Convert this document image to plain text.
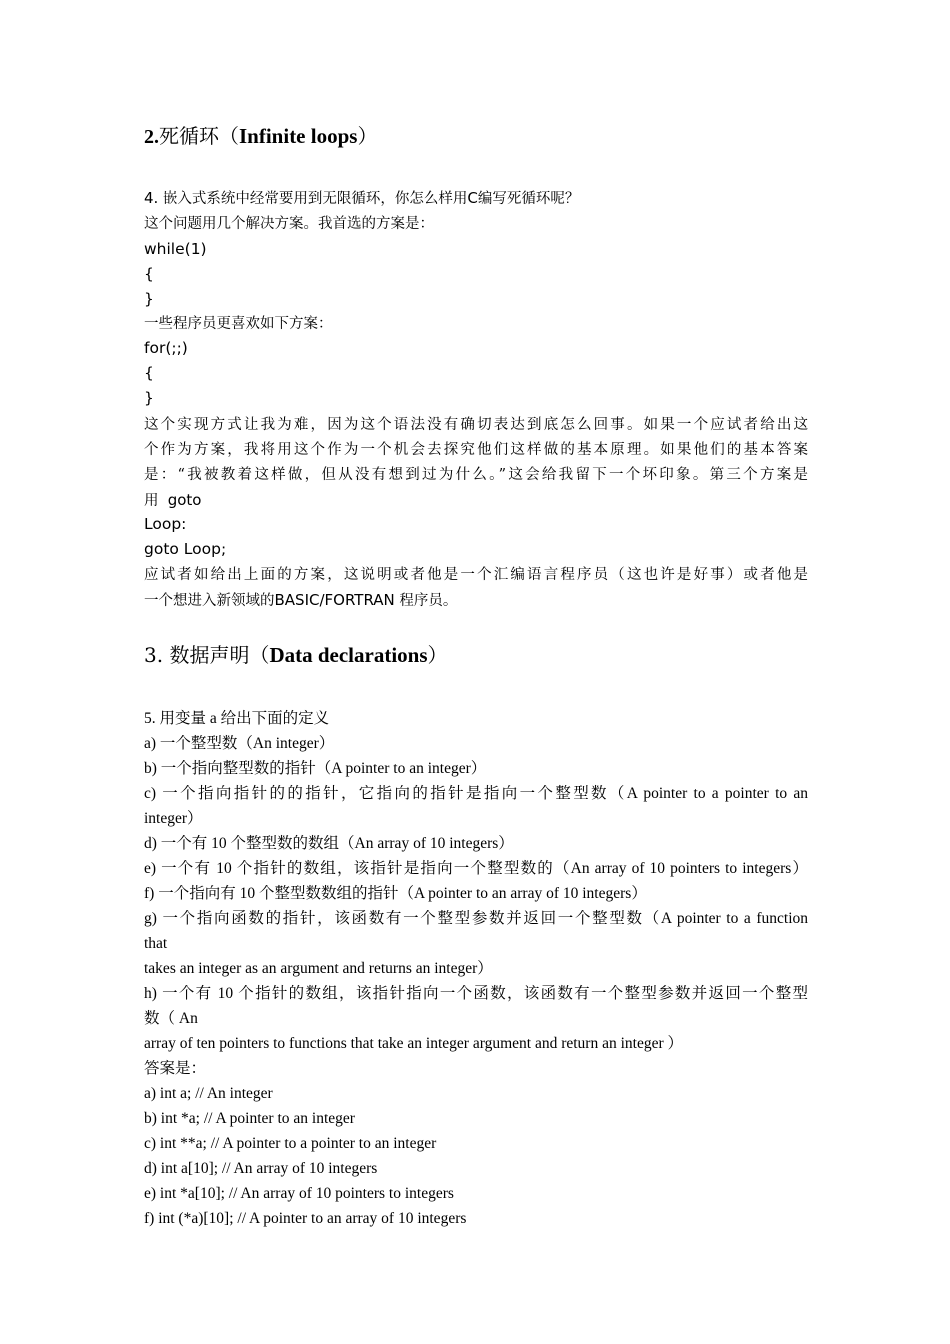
2.死循环（Infinite loops）
4. 嵌入式系统中经常要用到无限循环，你怎么样用C编写死循环呢？
这个问题用几个解决方案。我首选的方案是：
while(1)
{
}
一些程序员更喜欢如下方案：
for(;;)
{
}
这个实现方式让我为难，因为这个语法没有确切表达到底怎么回事。如果一个应试者给出这
个作为方案，我将用这个作为一个机会去探究他们这样做的基本原理。如果他们的基本答案
是：“我被教着这样做，但从没有想到过为什么。”这会给我留下一个坏印象。第三个方案是
用 goto
Loop:
goto Loop;
应试者如给出上面的方案，这说明或者他是一个汇编语言程序员（这也许是好事）或者他是
一个想进入新领域的BASIC/FORTRAN 程序员。
3. 数据声明（Data declarations）
5. 用变量 a 给出下面的定义
a) 一个整型数（An integer）
b) 一个指向整型数的指针（A pointer to an integer）
c) 一个指向指针的的指针，它指向的指针是指向一个整型数（A pointer to a pointer to an
integer）
d) 一个有 10 个整型数的数组（An array of 10 integers）
e) 一个有 10 个指针的数组，该指针是指向一个整型数的（An array of 10 pointers to integers）
f) 一个指向有 10 个整型数数组的指针（A pointer to an array of 10 integers）
g) 一个指向函数的指针，该函数有一个整型参数并返回一个整型数（A pointer to a function
that
takes an integer as an argument and returns an integer）
h) 一个有 10 个指针的数组，该指针指向一个函数，该函数有一个整型参数并返回一个整型
数（ An
array of ten pointers to functions that take an integer argument and return an integer ）
答案是：
a) int a; // An integer
b) int *a; // A pointer to an integer
c) int **a; // A pointer to a pointer to an integer
d) int a[10]; // An array of 10 integers
e) int *a[10]; // An array of 10 pointers to integers
f) int (*a)[10]; // A pointer to an array of 10 integers
